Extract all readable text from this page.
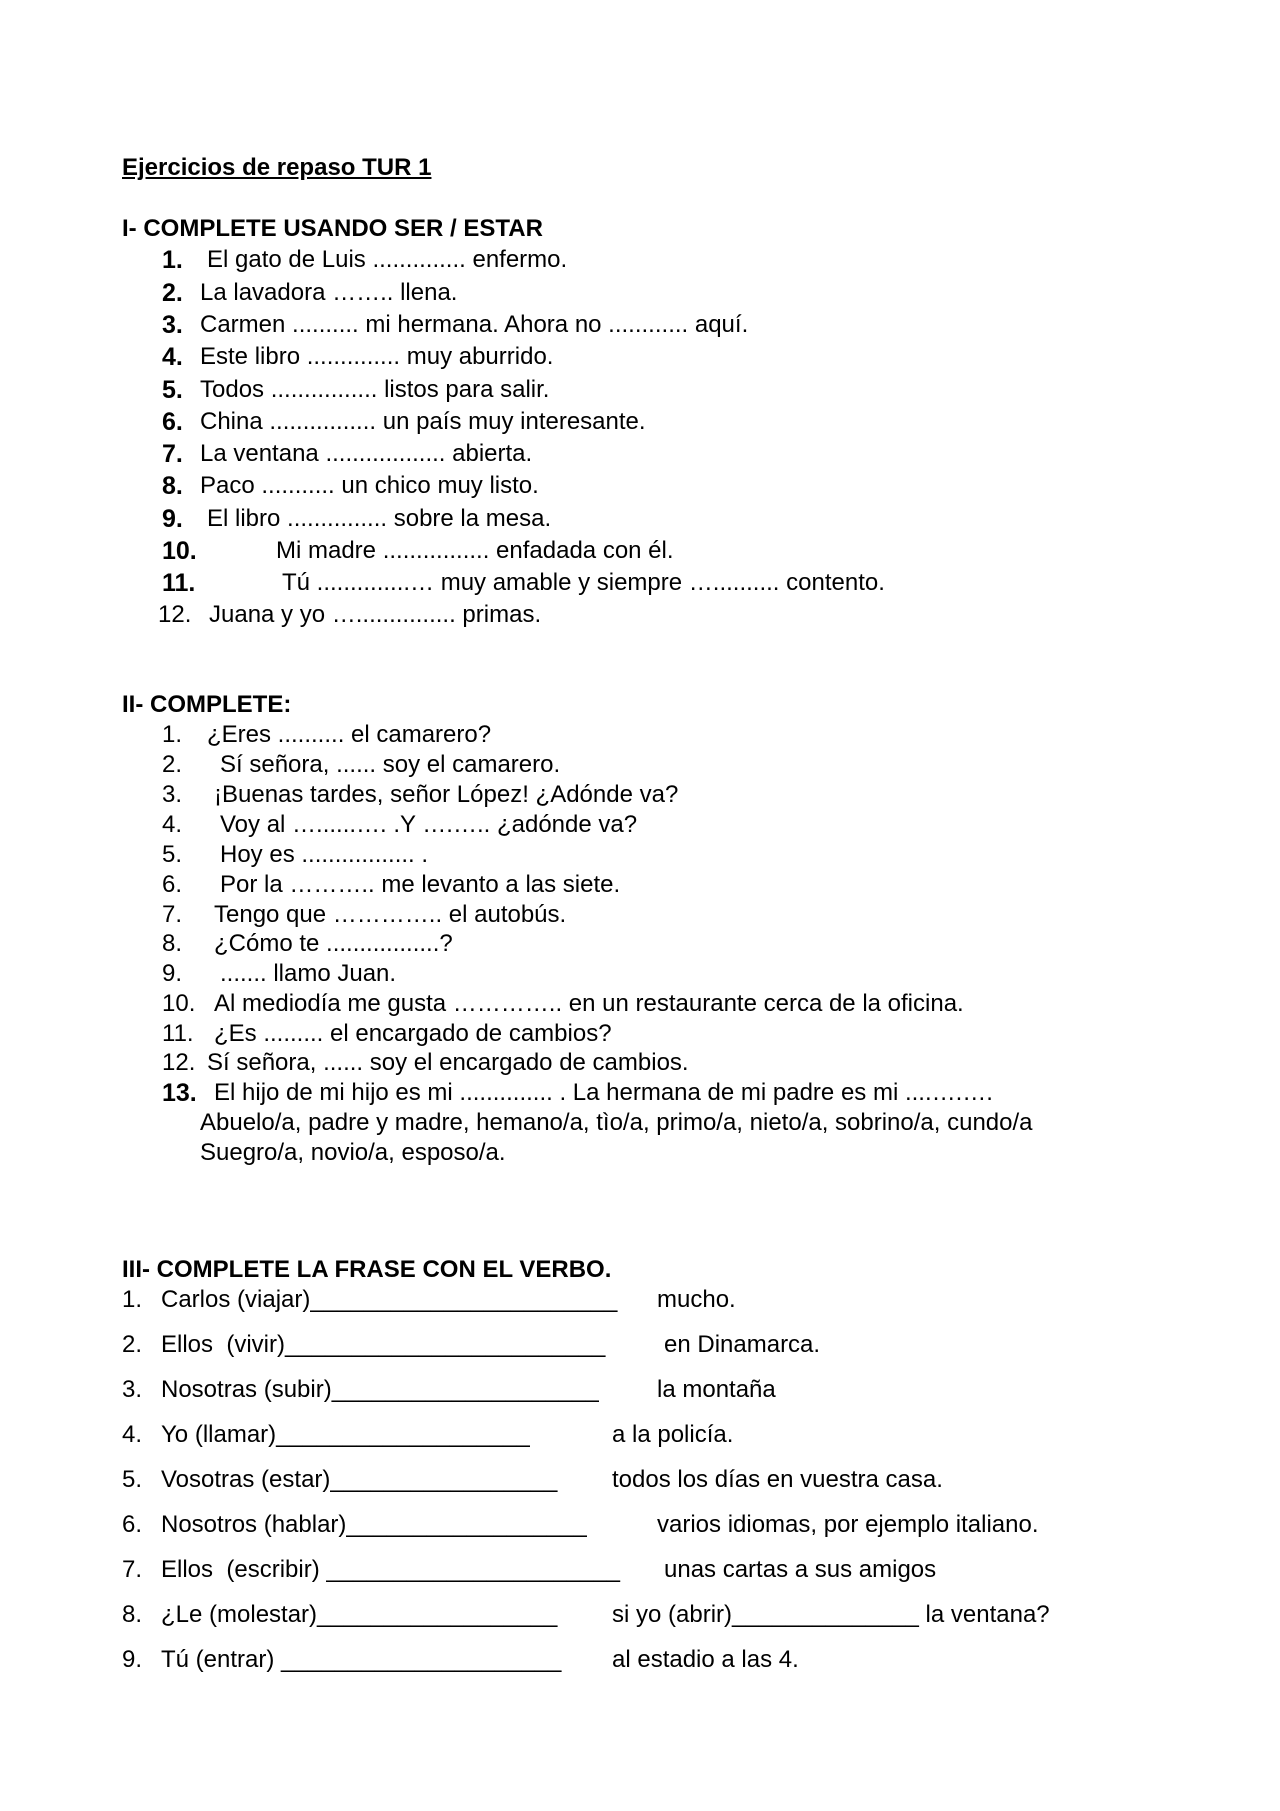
Ejercicios de repaso TUR 1
I- COMPLETE USANDO SER / ESTAR
1. El gato de Luis .............. enfermo.
2. La lavadora …….. llena.
3. Carmen .......... mi hermana. Ahora no ............ aquí.
4. Este libro .............. muy aburrido.
5. Todos ................ listos para salir.
6. China ................ un país muy interesante.
7. La ventana .................. abierta.
8. Paco ........... un chico muy listo.
9. El libro ............... sobre la mesa.
10.	Mi madre ................ enfadada con él.
11.	Tú ..............… muy amable y siempre ….......... contento.
12. Juana y yo …............... primas.
II- COMPLETE:
1. ¿Eres .......... el camarero?
2. Sí señora, ...... soy el camarero.
3. ¡Buenas tardes, señor López! ¿Adónde va?
4. Voy al …......…. .Y ….….. ¿adónde va?
5. Hoy es ................. .
6. Por la ……….. me levanto a las siete.
7. Tengo que ………….. el autobús.
8. ¿Cómo te .................?
9. ....... llamo Juan.
10. Al mediodía me gusta ………….. en un restaurante cerca de la oficina.
11. ¿Es ......... el encargado de cambios?
12. Sí señora, ...... soy el encargado de cambios.
13. El hijo de mi hijo es mi .............. . La hermana de mi padre es mi ....….….
Abuelo/a, padre y madre, hemano/a, tìo/a, primo/a, nieto/a, sobrino/a, cundo/a
Suegro/a, novio/a, esposo/a.
III- COMPLETE LA FRASE CON EL VERBO.
1. Carlos (viajar)_______________________ mucho.
2. Ellos  (vivir)________________________ en Dinamarca.
3. Nosotras (subir)____________________ la montaña
4. Yo (llamar)___________________	a la policía.
5. Vosotras (estar)_________________ todos los días en vuestra casa.
6. Nosotros (hablar)__________________	varios idiomas, por ejemplo italiano.
7. Ellos  (escribir) ______________________ unas cartas a sus amigos
8. ¿Le (molestar)__________________ si yo (abrir)______________ la ventana?
9. Tú (entrar) _____________________ al estadio a las 4.
